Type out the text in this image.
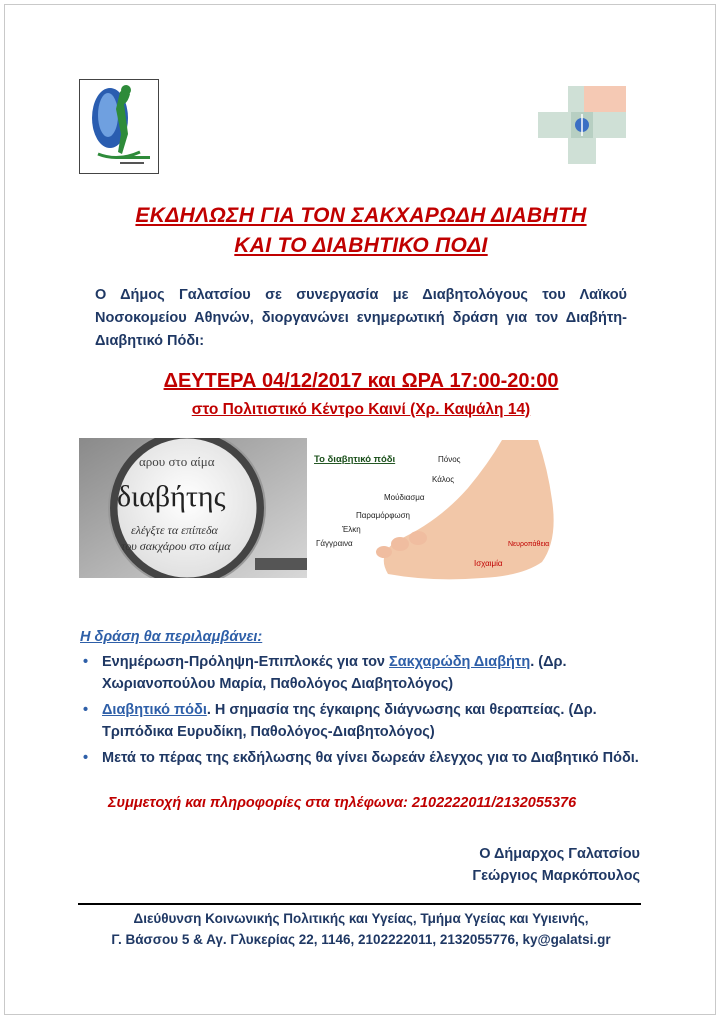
ΕΚΔΗΛΩΣΗ ΓΙΑ ΤΟΝ ΣΑΚΧΑΡΩΔΗ ΔΙΑΒΗΤΗ
ΚΑΙ ΤΟ ΔΙΑΒΗΤΙΚΟ ΠΟΔΙ
Ο Δήμος Γαλατσίου σε συνεργασία με Διαβητολόγους του Λαϊκού Νοσοκομείου Αθηνών, διοργανώνει ενημερωτική δράση για τον Διαβήτη- Διαβητικό Πόδι:
ΔΕΥΤΕΡΑ 04/12/2017 και ΩΡΑ 17:00-20:00
στο Πολιτιστικό Κέντρο Καινί (Χρ. Καψάλη 14)
αρου στο αίμα
διαβήτης
ελέγξτε τα επίπεδα
του σακχάρου στο αίμα
Το διαβητικό πόδι	Πόνος
Κάλος
Μούδιασμα
Παραμόρφωση
Έλκη
Γάγγραινα	Νευροπάθεια
Ισχαιμία
Η δράση θα περιλαμβάνει:
• Ενημέρωση-Πρόληψη-Επιπλοκές για τον Σακχαρώδη Διαβήτη. (Δρ. Χωριανοπούλου Μαρία, Παθολόγος Διαβητολόγος)
• Διαβητικό πόδι. Η σημασία της έγκαιρης διάγνωσης και θεραπείας. (Δρ. Τριπόδικα Ευρυδίκη, Παθολόγος-Διαβητολόγος)
• Μετά το πέρας της εκδήλωσης θα γίνει δωρεάν έλεγχος για το Διαβητικό Πόδι.
Συμμετοχή και πληροφορίες στα τηλέφωνα: 2102222011/2132055376
Ο Δήμαρχος Γαλατσίου
Γεώργιος Μαρκόπουλος
Διεύθυνση Κοινωνικής Πολιτικής και Υγείας, Τμήμα Υγείας και Υγιεινής,
Γ. Βάσσου 5 & Αγ. Γλυκερίας 22, 1146, 2102222011, 2132055776, ky@galatsi.gr
